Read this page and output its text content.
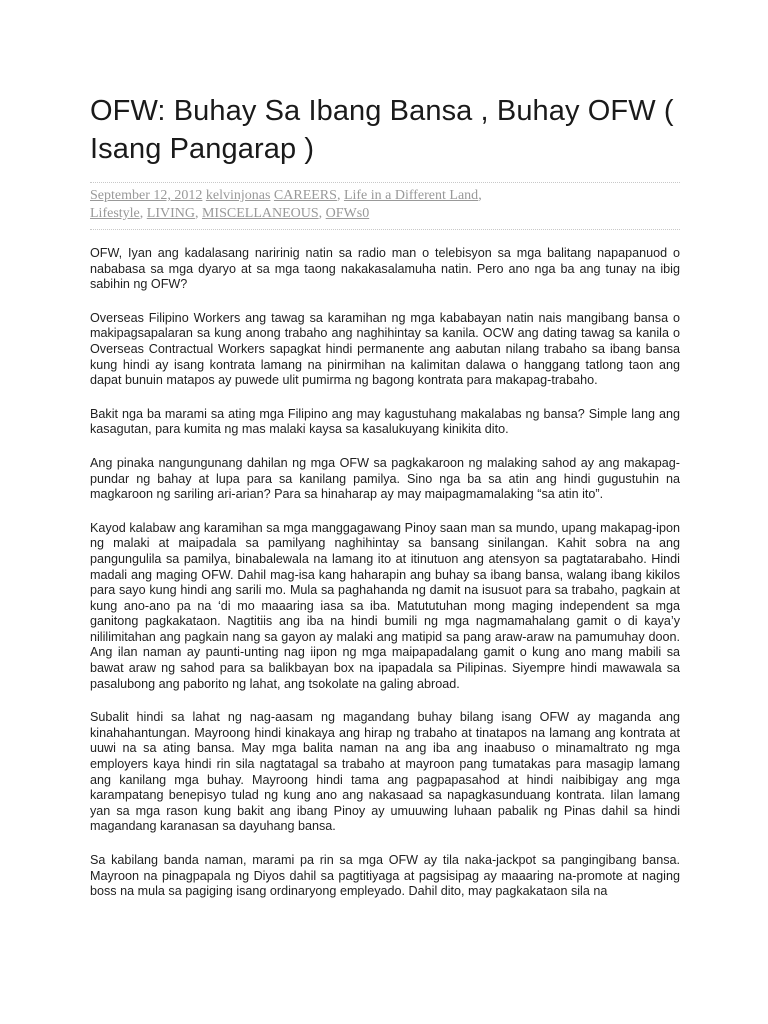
OFW: Buhay Sa Ibang Bansa , Buhay OFW ( Isang Pangarap )
September 12, 2012 kelvinjonas CAREERS, Life in a Different Land, Lifestyle, LIVING, MISCELLANEOUS, OFWs0

OFW, Iyan ang kadalasang naririnig natin sa radio man o telebisyon sa mga balitang napapanuod o nababasa sa mga dyaryo at sa mga taong nakakasalamuha natin. Pero ano nga ba ang tunay na ibig sabihin ng OFW?

Overseas Filipino Workers ang tawag sa karamihan ng mga kababayan natin nais mangibang bansa o makipagsapalaran sa kung anong trabaho ang naghihintay sa kanila. OCW ang dating tawag sa kanila o Overseas Contractual Workers sapagkat hindi permanente ang aabutan nilang trabaho sa ibang bansa kung hindi ay isang kontrata lamang na pinirmihan na kalimitan dalawa o hanggang tatlong taon ang dapat bunuin matapos ay puwede ulit pumirma ng bagong kontrata para makapag-trabaho.

Bakit nga ba marami sa ating mga Filipino ang may kagustuhang makalabas ng bansa? Simple lang ang kasagutan, para kumita ng mas malaki kaysa sa kasalukuyang kinikita dito.

Ang pinaka nangungunang dahilan ng mga OFW sa pagkakaroon ng malaking sahod ay ang makapag-pundar ng bahay at lupa para sa kanilang pamilya. Sino nga ba sa atin ang hindi gugustuhin na magkaroon ng sariling ari-arian? Para sa hinaharap ay may maipagmamalaking “sa atin ito”.

Kayod kalabaw ang karamihan sa mga manggagawang Pinoy saan man sa mundo, upang makapag-ipon ng malaki at maipadala sa pamilyang naghihintay sa bansang sinilangan. Kahit sobra na ang pangungulila sa pamilya, binabalewala na lamang ito at itinutuon ang atensyon sa pagtatarabaho. Hindi madali ang maging OFW. Dahil mag-isa kang haharapin ang buhay sa ibang bansa, walang ibang kikilos para sayo kung hindi ang sarili mo. Mula sa paghahanda ng damit na isusuot para sa trabaho, pagkain at kung ano-ano pa na ‘di mo maaaring iasa sa iba. Matututuhan mong maging independent sa mga ganitong pagkakataon. Nagtitiis ang iba na hindi bumili ng mga nagmamahalang gamit o di kaya’y nililimitahan ang pagkain nang sa gayon ay malaki ang matipid sa pang araw-araw na pamumuhay doon. Ang ilan naman ay paunti-unting nag iipon ng mga maipapadalang gamit o kung ano mang mabili sa bawat araw ng sahod para sa balikbayan box na ipapadala sa Pilipinas. Siyempre hindi mawawala sa pasalubong ang paborito ng lahat, ang tsokolate na galing abroad.

Subalit hindi sa lahat ng nag-aasam ng magandang buhay bilang isang OFW ay maganda ang kinahahantungan. Mayroong hindi kinakaya ang hirap ng trabaho at tinatapos na lamang ang kontrata at uuwi na sa ating bansa. May mga balita naman na ang iba ang inaabuso o minamaltrato ng mga employers kaya hindi rin sila nagtatagal sa trabaho at mayroon pang tumatakas para masagip lamang ang kanilang mga buhay. Mayroong hindi tama ang pagpapasahod at hindi naibibigay ang mga karampatang benepisyo tulad ng kung ano ang nakasaad sa napagkasunduang kontrata. Iilan lamang yan sa mga rason kung bakit ang ibang Pinoy ay umuuwing luhaan pabalik ng Pinas dahil sa hindi magandang karanasan sa dayuhang bansa.

Sa kabilang banda naman, marami pa rin sa mga OFW ay tila naka-jackpot sa pangingibang bansa. Mayroon na pinagpapala ng Diyos dahil sa pagtitiyaga at pagsisipag ay maaaring na-promote at naging boss na mula sa pagiging isang ordinaryong empleyado. Dahil dito, may pagkakataon sila na
